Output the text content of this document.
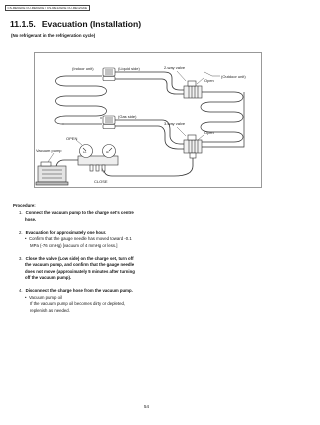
CS-RE9GKE CU-RE9GKE / CS-RE12GKE CU-RE12GKE
11.1.5. Evacuation (Installation)
(No refrigerant in the refrigeration cycle)
(Indoor unit)	(Liquid side)
(Outdoor unit)
2-way valve
Open
(Gas side)
OPEN
3-way valve
Open
Vacuum pump
CLOSE
Lo	Hi
Procedure:
1. Connect the vacuum pump to the charge set's centre
hose.
2. Evacuation for approximately one hour.
• Confirm that the gauge needle has moved toward -0.1
MPa (-76 cmHg) [vacuum of 4 mmHg or less.]
3. Close the valve (Low side) on the charge set, turn off
the vacuum pump, and confirm that the gauge needle
does not move (approximately 5 minutes after turning
off the vacuum pump).
4. Disconnect the charge hose from the vacuum pump.
• Vacuum pump oil
If the vacuum pump oil becomes dirty or depleted,
replenish as needed.
54
